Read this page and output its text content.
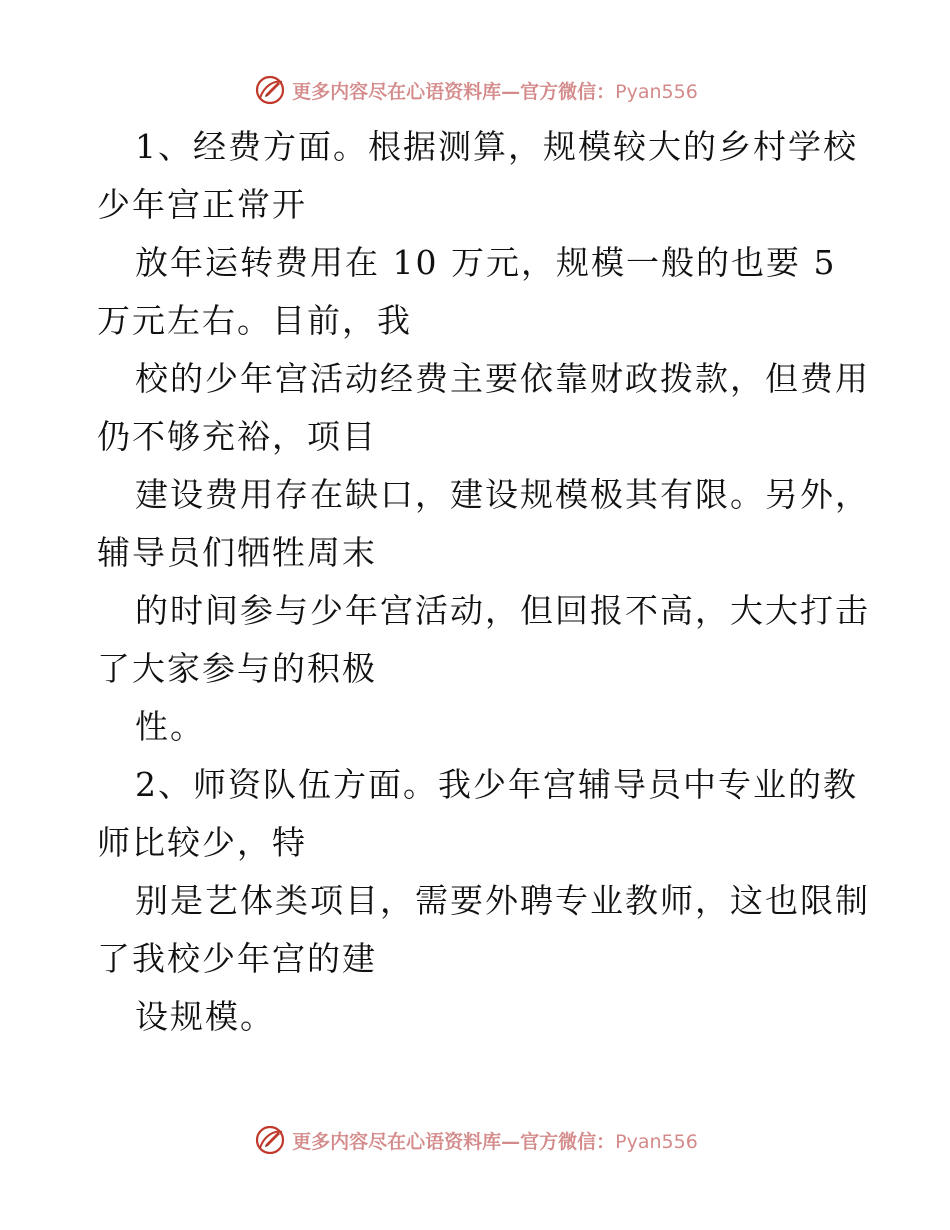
更多内容尽在心语资料库—官方微信：Pyan556
1、经费方面。根据测算，规模较大的乡村学校
少年宫正常开
放年运转费用在 10 万元，规模一般的也要 5
万元左右。目前，我
校的少年宫活动经费主要依靠财政拨款，但费用
仍不够充裕，项目
建设费用存在缺口，建设规模极其有限。另外，
辅导员们牺牲周末
的时间参与少年宫活动，但回报不高，大大打击
了大家参与的积极
性。
2、师资队伍方面。我少年宫辅导员中专业的教
师比较少，特
别是艺体类项目，需要外聘专业教师，这也限制
了我校少年宫的建
设规模。
更多内容尽在心语资料库—官方微信：Pyan556
